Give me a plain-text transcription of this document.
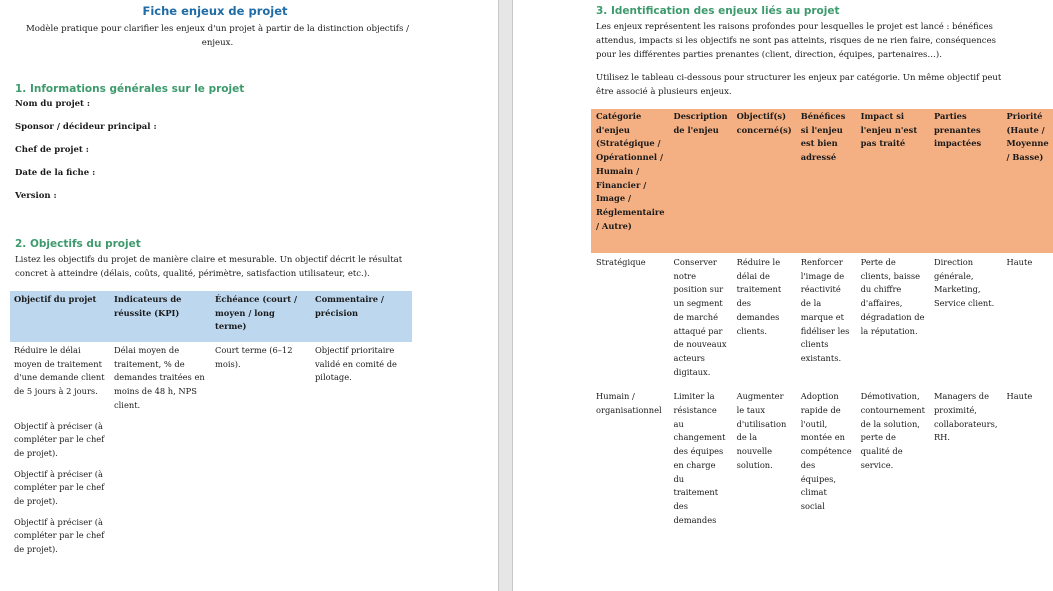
Fiche enjeux de projet
Modèle pratique pour clarifier les enjeux d'un projet à partir de la distinction objectifs / enjeux.
1. Informations générales sur le projet
Nom du projet :
Sponsor / décideur principal :
Chef de projet :
Date de la fiche :
Version :
2. Objectifs du projet
Listez les objectifs du projet de manière claire et mesurable. Un objectif décrit le résultat concret à atteindre (délais, coûts, qualité, périmètre, satisfaction utilisateur, etc.).
Objectif du projet	Indicateurs de réussite (KPI)	Échéance (court / moyen / long terme)	Commentaire / précision
Réduire le délai moyen de traitement d'une demande client de 5 jours à 2 jours.	Délai moyen de traitement, % de demandes traitées en moins de 48 h, NPS client.	Court terme (6–12 mois).	Objectif prioritaire validé en comité de pilotage.
Objectif à préciser (à compléter par le chef de projet).			
Objectif à préciser (à compléter par le chef de projet).			
Objectif à préciser (à compléter par le chef de projet).			
3. Identification des enjeux liés au projet
Les enjeux représentent les raisons profondes pour lesquelles le projet est lancé : bénéfices attendus, impacts si les objectifs ne sont pas atteints, risques de ne rien faire, conséquences pour les différentes parties prenantes (client, direction, équipes, partenaires…).
Utilisez le tableau ci-dessous pour structurer les enjeux par catégorie. Un même objectif peut être associé à plusieurs enjeux.
Catégorie d'enjeu (Stratégique / Opérationnel / Humain / Financier / Image / Réglementaire / Autre)	Description de l'enjeu	Objectif(s) concerné(s)	Bénéfices si l'enjeu est bien adressé	Impact si l'enjeu n'est pas traité	Parties prenantes impactées	Priorité (Haute / Moyenne / Basse)
Stratégique	Conserver notre position sur un segment de marché attaqué par de nouveaux acteurs digitaux.	Réduire le délai de traitement des demandes clients.	Renforcer l'image de réactivité de la marque et fidéliser les clients existants.	Perte de clients, baisse du chiffre d'affaires, dégradation de la réputation.	Direction générale, Marketing, Service client.	Haute
Humain / organisationnel	Limiter la résistance au changement des équipes en charge du traitement des demandes	Augmenter le taux d'utilisation de la nouvelle solution.	Adoption rapide de l'outil, montée en compétence des équipes, climat social	Démotivation, contournement de la solution, perte de qualité de service.	Managers de proximité, collaborateurs, RH.	Haute
